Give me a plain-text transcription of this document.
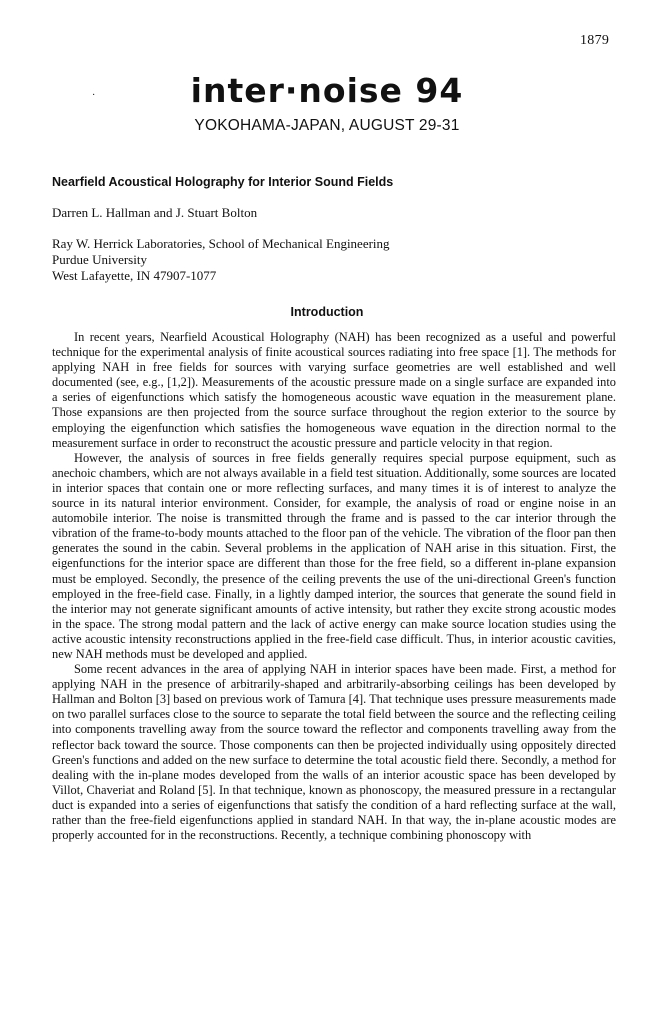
1879
·	inter·noise 94
YOKOHAMA-JAPAN, AUGUST 29-31
Nearfield Acoustical Holography for Interior Sound Fields
Darren L. Hallman and J. Stuart Bolton
Ray W. Herrick Laboratories, School of Mechanical Engineering
Purdue University
West Lafayette, IN 47907-1077
Introduction

In recent years, Nearfield Acoustical Holography (NAH) has been recognized as a useful and powerful technique for the experimental analysis of finite acoustical sources radiating into free space [1]. The methods for applying NAH in free fields for sources with varying surface geometries are well established and well documented (see, e.g., [1,2]). Measurements of the acoustic pressure made on a single surface are expanded into a series of eigenfunctions which satisfy the homogeneous acoustic wave equation in the measurement plane. Those expansions are then projected from the source surface throughout the region exterior to the source by employing the eigenfunction which satisfies the homogeneous wave equation in the direction normal to the measurement surface in order to reconstruct the acoustic pressure and particle velocity in that region.

However, the analysis of sources in free fields generally requires special purpose equipment, such as anechoic chambers, which are not always available in a field test situation. Additionally, some sources are located in interior spaces that contain one or more reflecting surfaces, and many times it is of interest to analyze the source in its natural interior environment. Consider, for example, the analysis of road or engine noise in an automobile interior. The noise is transmitted through the frame and is passed to the car interior through the vibration of the frame-to-body mounts attached to the floor pan of the vehicle. The vibration of the floor pan then generates the sound in the cabin. Several problems in the application of NAH arise in this situation. First, the eigenfunctions for the interior space are different than those for the free field, so a different in-plane expansion must be employed. Secondly, the presence of the ceiling prevents the use of the uni-directional Green's function employed in the free-field case. Finally, in a lightly damped interior, the sources that generate the sound field in the interior may not generate significant amounts of active intensity, but rather they excite strong acoustic modes in the space. The strong modal pattern and the lack of active energy can make source location studies using the active acoustic intensity reconstructions applied in the free-field case difficult. Thus, in interior acoustic cavities, new NAH methods must be developed and applied.

Some recent advances in the area of applying NAH in interior spaces have been made. First, a method for applying NAH in the presence of arbitrarily-shaped and arbitrarily-absorbing ceilings has been developed by Hallman and Bolton [3] based on previous work of Tamura [4]. That technique uses pressure measurements made on two parallel surfaces close to the source to separate the total field between the source and the reflecting ceiling into components travelling away from the source toward the reflector and components travelling away from the reflector back toward the source. Those components can then be projected individually using oppositely directed Green's functions and added on the new surface to determine the total acoustic field there. Secondly, a method for dealing with the in-plane modes developed from the walls of an interior acoustic space has been developed by Villot, Chaveriat and Roland [5]. In that technique, known as phonoscopy, the measured pressure in a rectangular duct is expanded into a series of eigenfunctions that satisfy the condition of a hard reflecting surface at the wall, rather than the free-field eigenfunctions applied in standard NAH. In that way, the in-plane acoustic modes are properly accounted for in the reconstructions. Recently, a technique combining phonoscopy with
